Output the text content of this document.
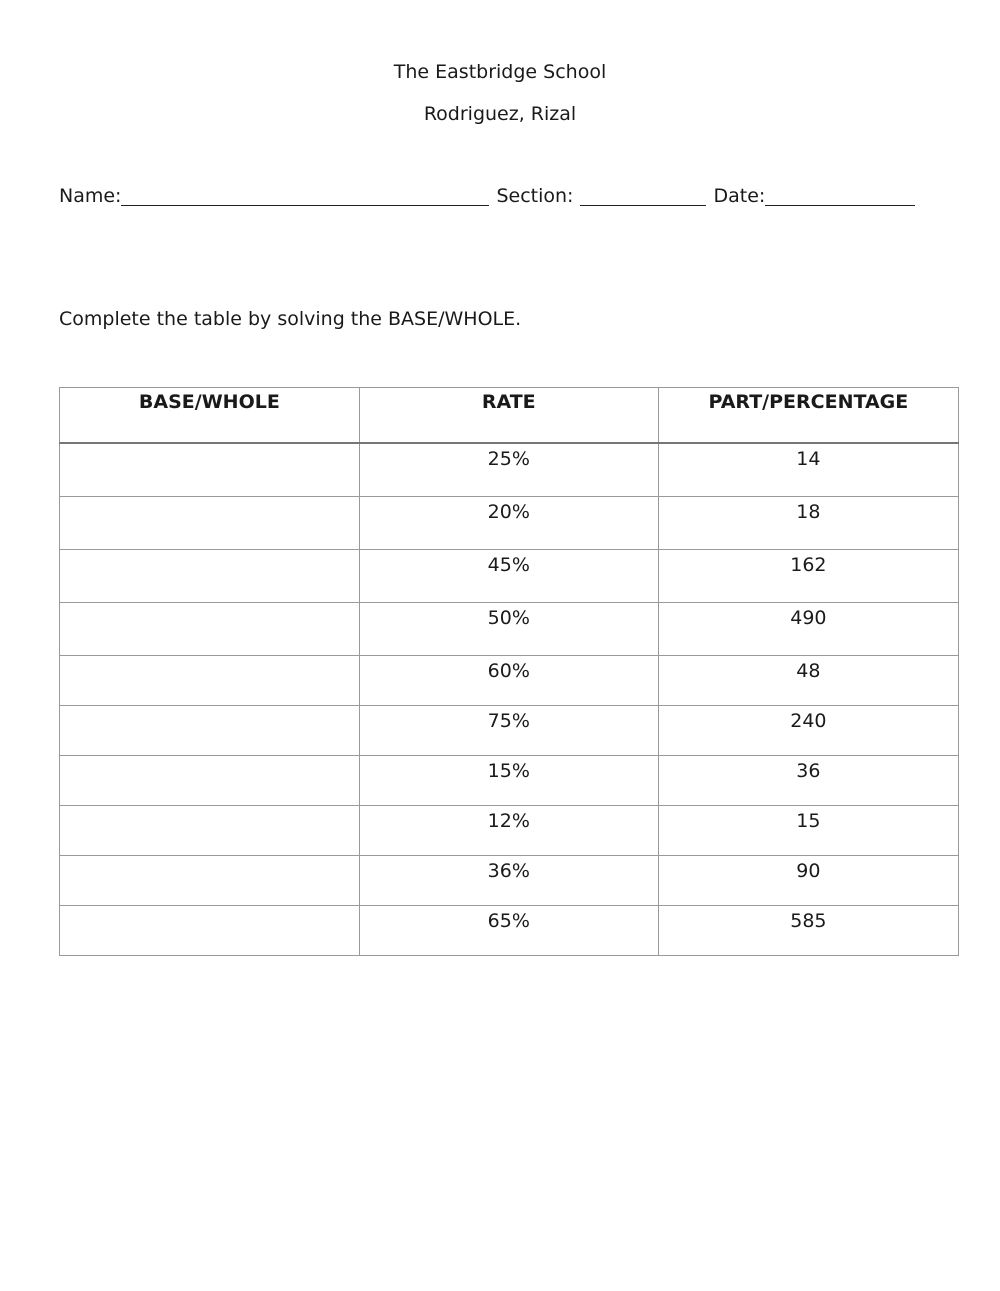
The Eastbridge School
Rodriguez, Rizal
Name:	Section:	Date:
Complete the table by solving the BASE/WHOLE.
BASE/WHOLE	RATE	PART/PERCENTAGE
	25%	14
	20%	18
	45%	162
	50%	490
	60%	48
	75%	240
	15%	36
	12%	15
	36%	90
	65%	585
